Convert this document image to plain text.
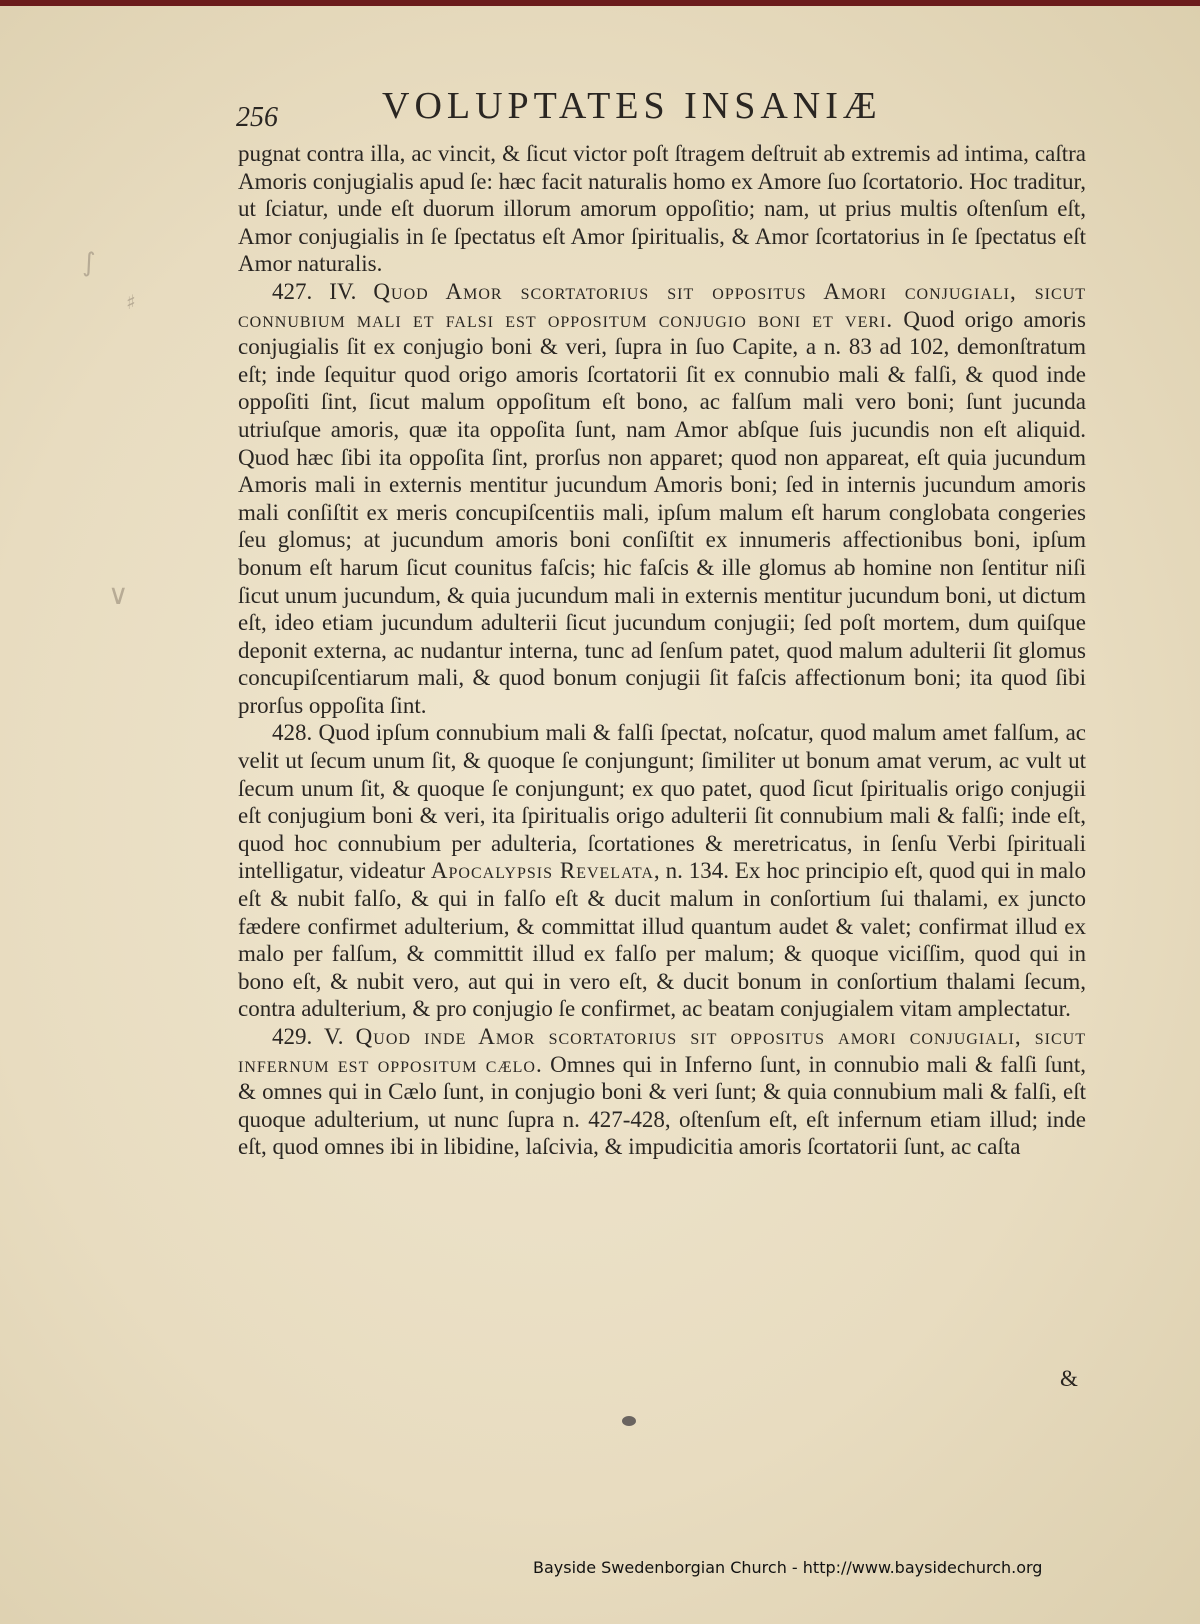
256	VOLUPTATES INSANIÆ
∫
♯
∨

pugnat contra illa, ac vincit, & ſicut victor poſt ſtragem deſtruit ab extremis ad intima, caſtra Amoris conjugialis apud ſe: hæc facit naturalis homo ex Amore ſuo ſcortatorio. Hoc traditur, ut ſciatur, unde eſt duorum illorum amorum oppoſitio; nam, ut prius multis oſtenſum eſt, Amor conjugialis in ſe ſpectatus eſt Amor ſpiritualis, & Amor ſcortatorius in ſe ſpectatus eſt Amor naturalis.

427. IV. Quod Amor scortatorius sit oppositus Amori conjugiali, sicut connubium mali et falsi est oppositum conjugio boni et veri. Quod origo amoris conjugialis ſit ex conjugio boni & veri, ſupra in ſuo Capite, a n. 83 ad 102, demonſtratum eſt; inde ſequitur quod origo amoris ſcortatorii ſit ex connubio mali & falſi, & quod inde oppoſiti ſint, ſicut malum oppoſitum eſt bono, ac falſum mali vero boni; ſunt jucunda utriuſque amoris, quæ ita oppoſita ſunt, nam Amor abſque ſuis jucundis non eſt aliquid. Quod hæc ſibi ita oppoſita ſint, prorſus non apparet; quod non appareat, eſt quia jucundum Amoris mali in externis mentitur jucundum Amoris boni; ſed in internis jucundum amoris mali conſiſtit ex meris concupiſcentiis mali, ipſum malum eſt harum conglobata congeries ſeu glomus; at jucundum amoris boni conſiſtit ex innumeris affectionibus boni, ipſum bonum eſt harum ſicut counitus faſcis; hic faſcis & ille glomus ab homine non ſentitur niſi ſicut unum jucundum, & quia jucundum mali in externis mentitur jucundum boni, ut dictum eſt, ideo etiam jucundum adulterii ſicut jucundum conjugii; ſed poſt mortem, dum quiſque deponit externa, ac nudantur interna, tunc ad ſenſum patet, quod malum adulterii ſit glomus concupiſcentiarum mali, & quod bonum conjugii ſit faſcis affectionum boni; ita quod ſibi prorſus oppoſita ſint.

428. Quod ipſum connubium mali & falſi ſpectat, noſcatur, quod malum amet falſum, ac velit ut ſecum unum ſit, & quoque ſe conjungunt; ſimiliter ut bonum amat verum, ac vult ut ſecum unum ſit, & quoque ſe conjungunt; ex quo patet, quod ſicut ſpiritualis origo conjugii eſt conjugium boni & veri, ita ſpiritualis origo adulterii ſit connubium mali & falſi; inde eſt, quod hoc connubium per adulteria, ſcortationes & meretricatus, in ſenſu Verbi ſpirituali intelligatur, videatur Apocalypsis Revelata, n. 134. Ex hoc principio eſt, quod qui in malo eſt & nubit falſo, & qui in falſo eſt & ducit malum in conſortium ſui thalami, ex juncto fædere confirmet adulterium, & committat illud quantum audet & valet; confirmat illud ex malo per falſum, & committit illud ex falſo per malum; & quoque viciſſim, quod qui in bono eſt, & nubit vero, aut qui in vero eſt, & ducit bonum in conſortium thalami ſecum, contra adulterium, & pro conjugio ſe confirmet, ac beatam conjugialem vitam amplectatur.

429. V. Quod inde Amor scortatorius sit oppositus amori conjugiali, sicut infernum est oppositum cælo. Omnes qui in Inferno ſunt, in connubio mali & falſi ſunt, & omnes qui in Cælo ſunt, in conjugio boni & veri ſunt; & quia connubium mali & falſi, eſt quoque adulterium, ut nunc ſupra n. 427-428, oſtenſum eſt, eſt infernum etiam illud; inde eſt, quod omnes ibi in libidine, laſcivia, & impudicitia amoris ſcortatorii ſunt, ac caſta

&
Bayside Swedenborgian Church - http://www.baysidechurch.org
